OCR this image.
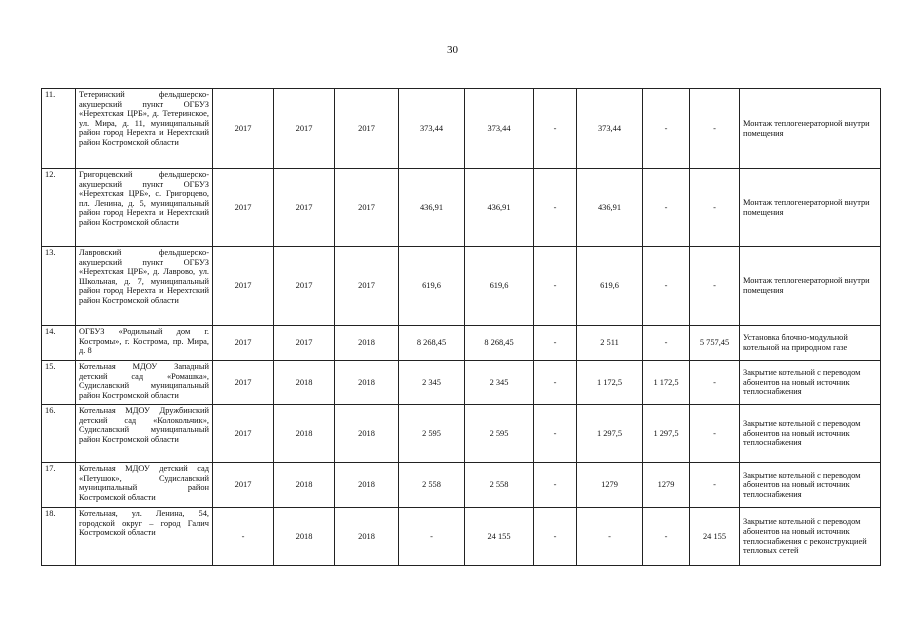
30
11.	Тетеринский фельдшерско-акушерский пункт ОГБУЗ «Нерехтская ЦРБ», д. Тетеринское, ул. Мира, д. 11, муниципальный район город Нерехта и Нерехтский район Костромской области	2017	2017	2017	373,44	373,44	-	373,44	-	-	Монтаж теплогенераторной внутри помещения
12.	Григорцевский фельдшерско-акушерский пункт ОГБУЗ «Нерехтская ЦРБ», с. Григорцево, пл. Ленина, д. 5, муниципальный район город Нерехта и Нерехтский район Костромской области	2017	2017	2017	436,91	436,91	-	436,91	-	-	Монтаж теплогенераторной внутри помещения
13.	Лавровский фельдшерско-акушерский пункт ОГБУЗ «Нерехтская ЦРБ», д. Лаврово, ул. Школьная, д. 7, муниципальный район город Нерехта и Нерехтский район Костромской области	2017	2017	2017	619,6	619,6	-	619,6	-	-	Монтаж теплогенераторной внутри помещения
14.	ОГБУЗ «Родильный дом г. Костромы», г. Кострома, пр. Мира, д. 8	2017	2017	2018	8 268,45	8 268,45	-	2 511	-	5 757,45	Установка блочно-модульной котельной на природном газе
15.	Котельная МДОУ Западный детский сад «Ромашка», Судиславский муниципальный район Костромской области	2017	2018	2018	2 345	2 345	-	1 172,5	1 172,5	-	Закрытие котельной с переводом абонентов на новый источник теплоснабжения
16.	Котельная МДОУ Дружбинский детский сад «Колокольчик», Судиславский муниципальный район Костромской области	2017	2018	2018	2 595	2 595	-	1 297,5	1 297,5	-	Закрытие котельной с переводом абонентов на новый источник теплоснабжения
17.	Котельная МДОУ детский сад «Петушок», Судиславский муниципальный район Костромской области	2017	2018	2018	2 558	2 558	-	1279	1279	-	Закрытие котельной с переводом абонентов на новый источник теплоснабжения
18.	Котельная, ул. Ленина, 54, городской округ – город Галич Костромской области	-	2018	2018	-	24 155	-	-	-	24 155	Закрытие котельной с переводом абонентов на новый источник теплоснабжения с реконструкцией тепловых сетей
